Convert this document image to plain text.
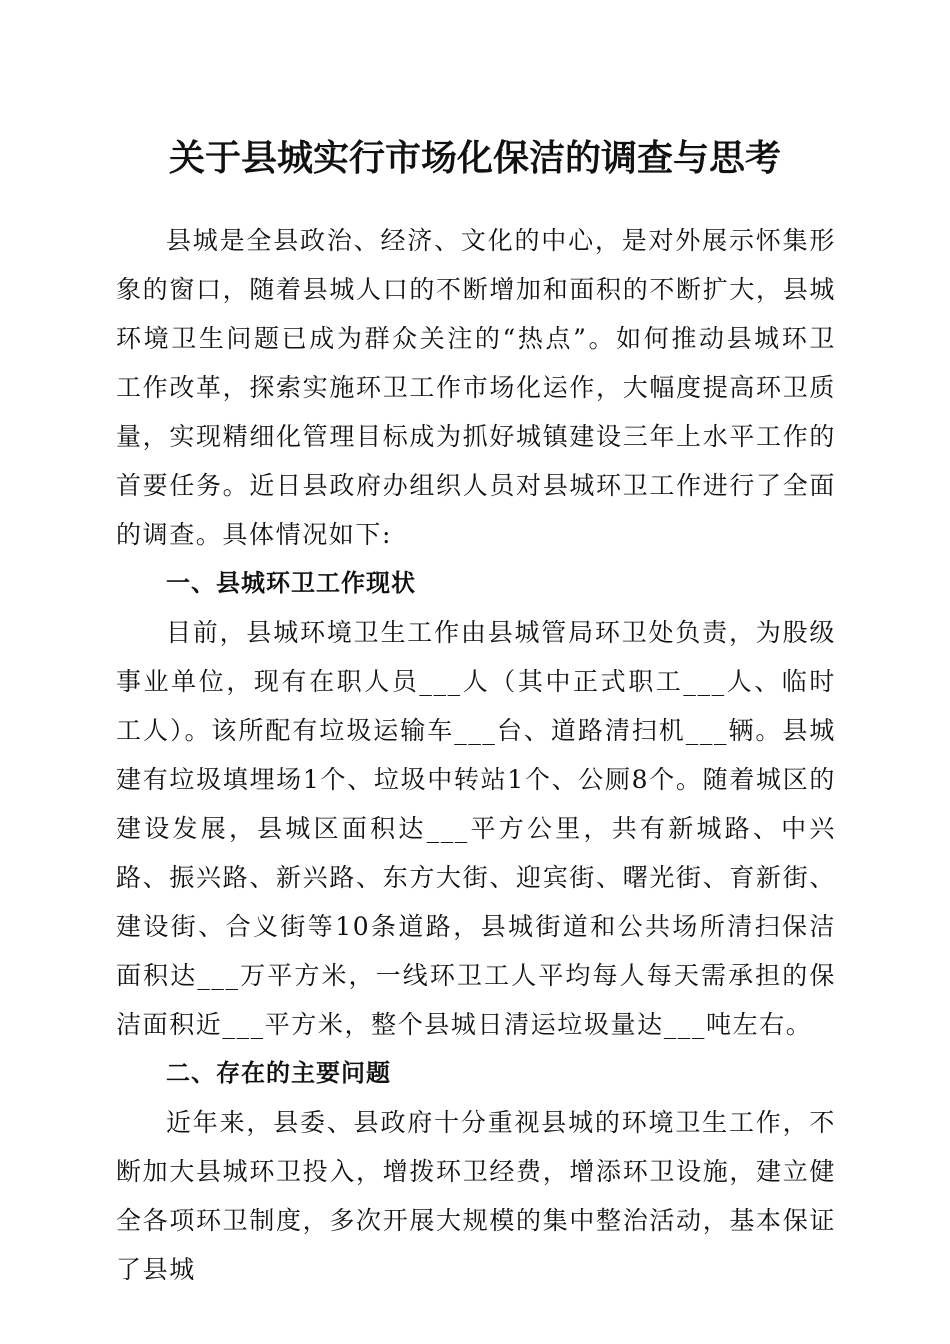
关于县城实行市场化保洁的调查与思考

县城是全县政治、经济、文化的中心，是对外展示怀集形象的窗口，随着县城人口的不断增加和面积的不断扩大，县城环境卫生问题已成为群众关注的“热点”。如何推动县城环卫工作改革，探索实施环卫工作市场化运作，大幅度提高环卫质量，实现精细化管理目标成为抓好城镇建设三年上水平工作的首要任务。近日县政府办组织人员对县城环卫工作进行了全面的调查。具体情况如下:

一、县城环卫工作现状

目前，县城环境卫生工作由县城管局环卫处负责，为股级事业单位，现有在职人员___人（其中正式职工___人、临时工人）。该所配有垃圾运输车___台、道路清扫机___辆。县城建有垃圾填埋场1个、垃圾中转站1个、公厕8个。随着城区的建设发展，县城区面积达___平方公里，共有新城路、中兴路、振兴路、新兴路、东方大街、迎宾街、曙光街、育新街、建设街、合义街等10条道路，县城街道和公共场所清扫保洁面积达___万平方米，一线环卫工人平均每人每天需承担的保洁面积近___平方米，整个县城日清运垃圾量达___吨左右。

二、存在的主要问题

近年来，县委、县政府十分重视县城的环境卫生工作，不断加大县城环卫投入，增拨环卫经费，增添环卫设施，建立健全各项环卫制度，多次开展大规模的集中整治活动，基本保证了县城
